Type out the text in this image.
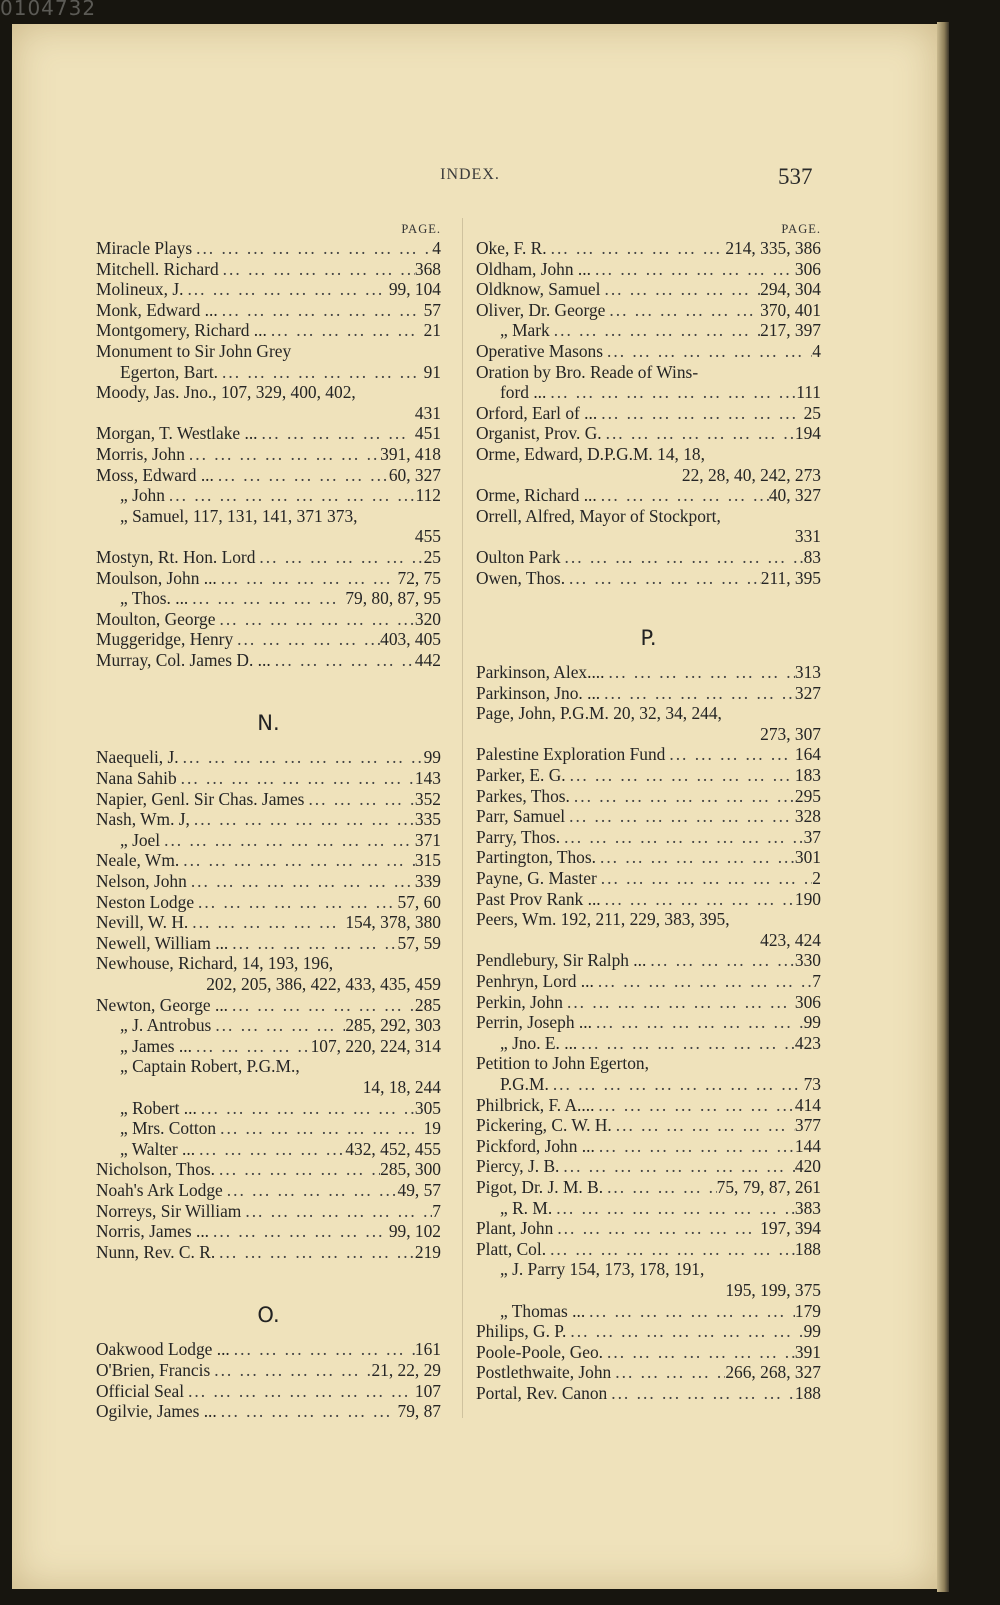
0104732
INDEX.	537
PAGE.
Miracle Plays ... .	4
Mitchell. Richard ... .	368
Molineux, J. ... .	99, 104
Monk, Edward ... ... .	57
Montgomery, Richard ... ... .	21
Monument to Sir John Grey
Egerton, Bart. ... .	91
Moody, Jas. Jno., 107, 329, 400, 402,
431
Morgan, T. Westlake ... ... .	451
Morris, John ... .	391, 418
Moss, Edward ... ... .	60, 327
„ John ... .	112
„ Samuel, 117, 131, 141, 371 373,
455
Mostyn, Rt. Hon. Lord ... .	25
Moulson, John ... ... .	72, 75
„ Thos. ... ... .	79, 80, 87, 95
Moulton, George ... .	320
Muggeridge, Henry ... .	403, 405
Murray, Col. James D. ... ... .	442
N.
Naequeli, J. ... .	99
Nana Sahib ... .	143
Napier, Genl. Sir Chas. James ... .	352
Nash, Wm. J, ... .	335
„ Joel ... .	371
Neale, Wm. ... .	315
Nelson, John ... .	339
Neston Lodge ... .	57, 60
Nevill, W. H. ... .	154, 378, 380
Newell, William ... ... .	57, 59
Newhouse, Richard, 14, 193, 196,
202, 205, 386, 422, 433, 435, 459
Newton, George ... ... .	285
„ J. Antrobus ... .	285, 292, 303
„ James ... ... .	107, 220, 224, 314
„ Captain Robert, P.G.M.,
14, 18, 244
„ Robert ... ... .	305
„ Mrs. Cotton ... .	19
„ Walter ... ... .	432, 452, 455
Nicholson, Thos. ... .	285, 300
Noah's Ark Lodge ... .	49, 57
Norreys, Sir William ... .	7
Norris, James ... ... .	99, 102
Nunn, Rev. C. R. ... .	219
O.
Oakwood Lodge ... ... .	161
O'Brien, Francis ... .	21, 22, 29
Official Seal ... .	107
Ogilvie, James ... ... .	79, 87
PAGE.
Oke, F. R. ... .	214, 335, 386
Oldham, John ... ... .	306
Oldknow, Samuel ... .	294, 304
Oliver, Dr. George ... .	370, 401
„ Mark ... .	217, 397
Operative Masons ... .	4
Oration by Bro. Reade of Wins-
ford ... ... .	111
Orford, Earl of ... ... .	25
Organist, Prov. G. ... .	194
Orme, Edward, D.P.G.M. 14, 18,
22, 28, 40, 242, 273
Orme, Richard ... ... .	40, 327
Orrell, Alfred, Mayor of Stockport,
331
Oulton Park ... .	83
Owen, Thos. ... .	211, 395
P.
Parkinson, Alex.... ... .	313
Parkinson, Jno. ... ... .	327
Page, John, P.G.M. 20, 32, 34, 244,
273, 307
Palestine Exploration Fund ... .	164
Parker, E. G. ... .	183
Parkes, Thos. ... .	295
Parr, Samuel ... .	328
Parry, Thos. ... .	37
Partington, Thos. ... .	301
Payne, G. Master ... .	2
Past Prov Rank ... ... .	190
Peers, Wm. 192, 211, 229, 383, 395,
423, 424
Pendlebury, Sir Ralph ... ... .	330
Penhryn, Lord ... ... .	7
Perkin, John ... .	306
Perrin, Joseph ... ... .	99
„ Jno. E. ... ... .	423
Petition to John Egerton,
P.G.M. ... .	73
Philbrick, F. A.... ... .	414
Pickering, C. W. H. ... .	377
Pickford, John ... ... .	144
Piercy, J. B. ... .	420
Pigot, Dr. J. M. B. ... .	75, 79, 87, 261
„ R. M. ... .	383
Plant, John ... .	197, 394
Platt, Col. ... .	188
„ J. Parry 154, 173, 178, 191,
195, 199, 375
„ Thomas ... ... .	179
Philips, G. P. ... .	99
Poole-Poole, Geo. ... .	391
Postlethwaite, John ... .	266, 268, 327
Portal, Rev. Canon ... .	188
